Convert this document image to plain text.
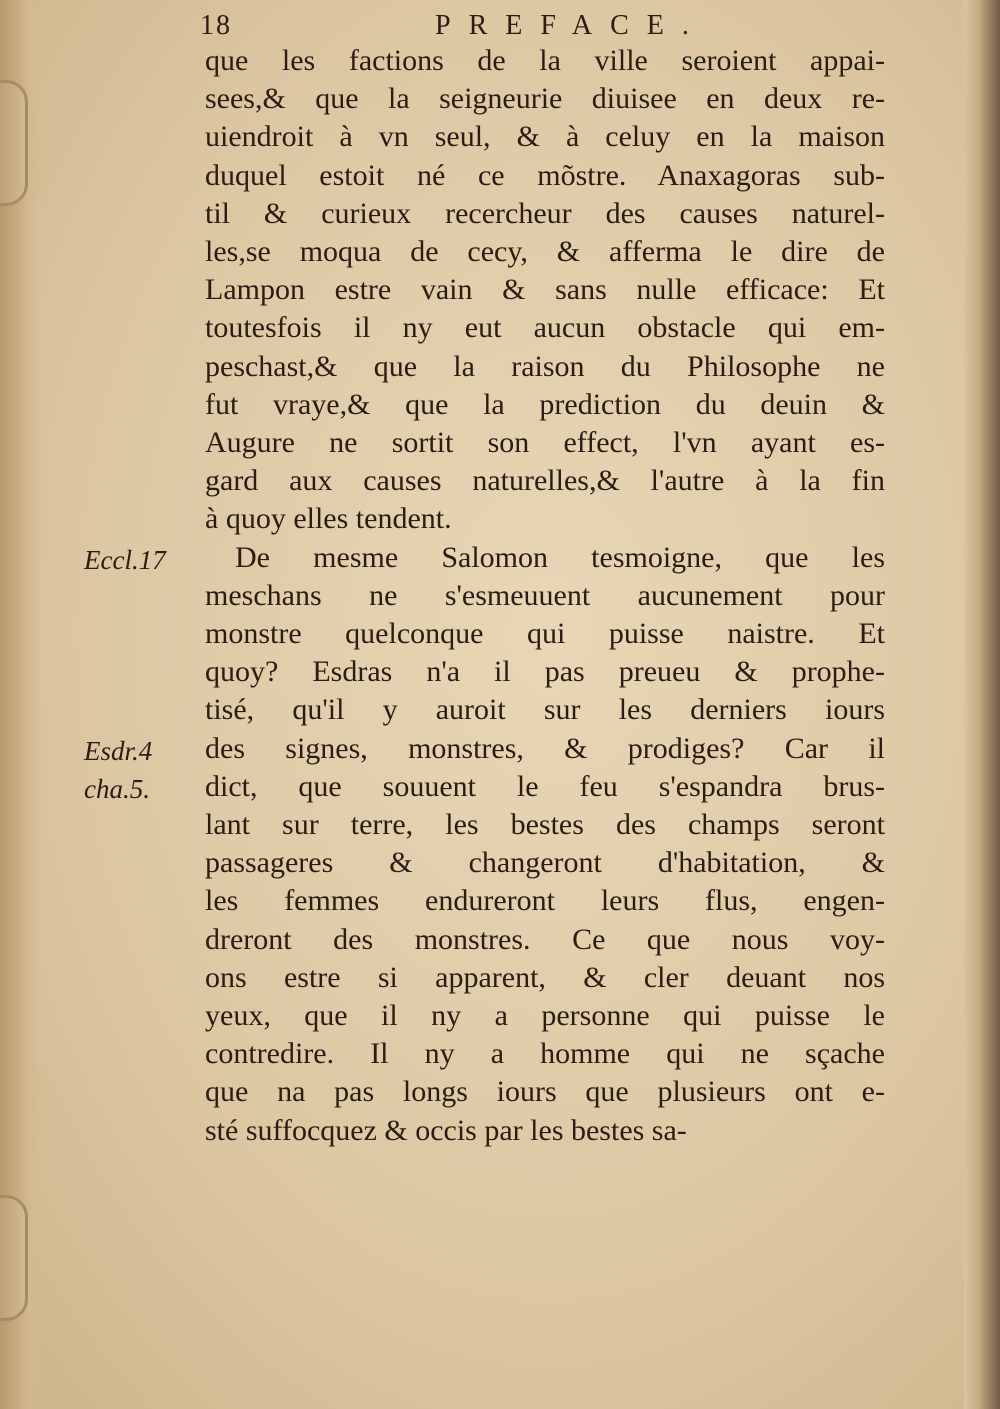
18	PREFACE.
que les factions de la ville seroient appai-
sees,& que la seigneurie diuisee en deux re-
uiendroit à vn seul, & à celuy en la maison
duquel estoit né ce mõstre. Anaxagoras sub-
til & curieux recercheur des causes naturel-
les,se moqua de cecy, & afferma le dire de
Lampon estre vain & sans nulle efficace: Et
toutesfois il ny eut aucun obstacle qui em-
peschast,& que la raison du Philosophe ne
fut vraye,& que la prediction du deuin &
Augure ne sortit son effect, l'vn ayant es-
gard aux causes naturelles,& l'autre à la fin
à quoy elles tendent.
De mesme Salomon tesmoigne, que les
meschans ne s'esmeuuent aucunement pour
monstre quelconque qui puisse naistre. Et
quoy? Esdras n'a il pas preueu & prophe-
tisé, qu'il y auroit sur les derniers iours
des signes, monstres, & prodiges? Car il
dict, que souuent le feu s'espandra brus-
lant sur terre, les bestes des champs seront
passageres & changeront d'habitation, &
les femmes endureront leurs flus, engen-
dreront des monstres. Ce que nous voy-
ons estre si apparent, & cler deuant nos
yeux, que il ny a personne qui puisse le
contredire. Il ny a homme qui ne sçache
que na pas longs iours que plusieurs ont e-
sté suffocquez & occis par les bestes sa-
Eccl.17
Esdr.4
cha.5.
